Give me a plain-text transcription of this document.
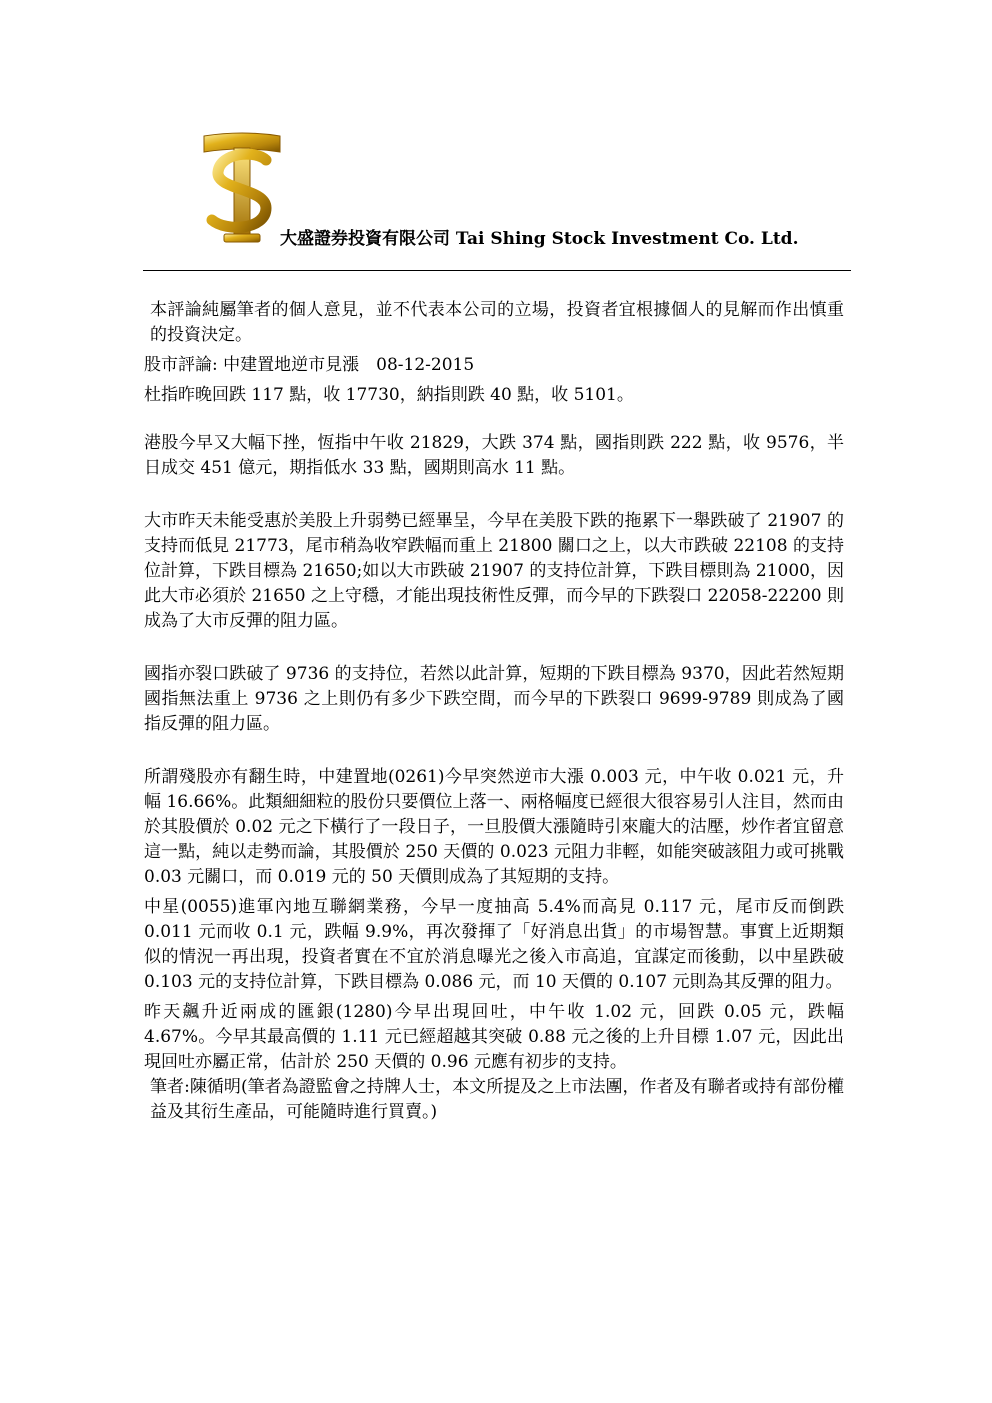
大盛證券投資有限公司 Tai Shing Stock Investment Co. Ltd.

本評論純屬筆者的個人意見，並不代表本公司的立場，投資者宜根據個人的見解而作出慎重的投資決定。

股市評論: 中建置地逆市見漲　08-12-2015

杜指昨晚回跌 117 點，收 17730，納指則跌 40 點，收 5101。

港股今早又大幅下挫，恆指中午收 21829，大跌 374 點，國指則跌 222 點，收 9576，半日成交 451 億元，期指低水 33 點，國期則高水 11 點。

大市昨天未能受惠於美股上升弱勢已經畢呈，今早在美股下跌的拖累下一舉跌破了 21907 的支持而低見 21773，尾市稍為收窄跌幅而重上 21800 關口之上，以大市跌破 22108 的支持位計算，下跌目標為 21650;如以大市跌破 21907 的支持位計算，下跌目標則為 21000，因此大市必須於 21650 之上守穩，才能出現技術性反彈，而今早的下跌裂口 22058-22200 則成為了大市反彈的阻力區。

國指亦裂口跌破了 9736 的支持位，若然以此計算，短期的下跌目標為 9370，因此若然短期國指無法重上 9736 之上則仍有多少下跌空間，而今早的下跌裂口 9699-9789 則成為了國指反彈的阻力區。

所謂殘股亦有翻生時，中建置地(0261)今早突然逆市大漲 0.003 元，中午收 0.021 元，升幅 16.66%。此類細細粒的股份只要價位上落一、兩格幅度已經很大很容易引人注目，然而由於其股價於 0.02 元之下橫行了一段日子，一旦股價大漲隨時引來龐大的沽壓，炒作者宜留意這一點，純以走勢而論，其股價於 250 天價的 0.023 元阻力非輕，如能突破該阻力或可挑戰 0.03 元關口，而 0.019 元的 50 天價則成為了其短期的支持。

中星(0055)進軍內地互聯網業務，今早一度抽高 5.4%而高見 0.117 元，尾市反而倒跌 0.011 元而收 0.1 元，跌幅 9.9%，再次發揮了「好消息出貨」的市場智慧。事實上近期類似的情況一再出現，投資者實在不宜於消息曝光之後入市高追，宜謀定而後動，以中星跌破 0.103 元的支持位計算，下跌目標為 0.086 元，而 10 天價的 0.107 元則為其反彈的阻力。

昨天飆升近兩成的匯銀(1280)今早出現回吐，中午收 1.02 元，回跌 0.05 元，跌幅 4.67%。今早其最高價的 1.11 元已經超越其突破 0.88 元之後的上升目標 1.07 元，因此出現回吐亦屬正常，估計於 250 天價的 0.96 元應有初步的支持。

筆者:陳循明(筆者為證監會之持牌人士，本文所提及之上市法團，作者及有聯者或持有部份權益及其衍生產品，可能隨時進行買賣。)
